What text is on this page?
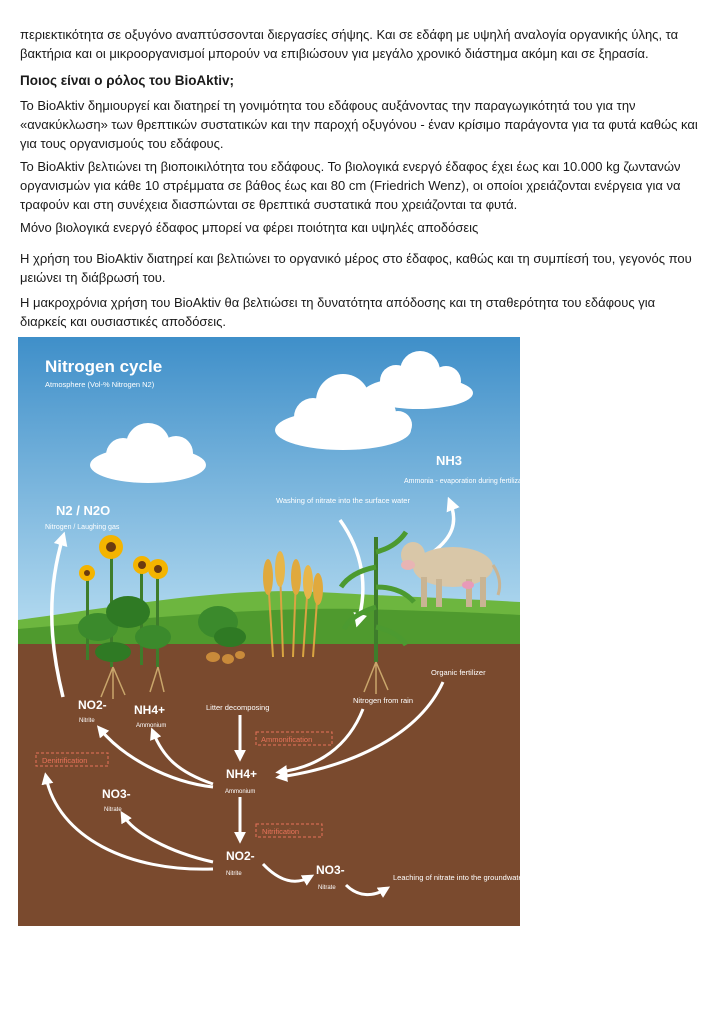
περιεκτικότητα σε οξυγόνο αναπτύσσονται διεργασίες σήψης. Και σε εδάφη με υψηλή αναλογία οργανικής ύλης, τα βακτήρια και οι μικροοργανισμοί μπορούν να επιβιώσουν για μεγάλο χρονικό διάστημα ακόμη και σε ξηρασία.

Ποιος είναι ο ρόλος του BioAktiv;

Το BioAktiv δημιουργεί και διατηρεί τη γονιμότητα του εδάφους αυξάνοντας την παραγωγικότητά του για την «ανακύκλωση» των θρεπτικών συστατικών και την παροχή οξυγόνου - έναν κρίσιμο παράγοντα για τα φυτά καθώς και για τους οργανισμούς του εδάφους.

Το BioAktiv βελτιώνει τη βιοποικιλότητα του εδάφους. Το βιολογικά ενεργό έδαφος έχει έως και 10.000 kg ζωντανών οργανισμών για κάθε 10 στρέμματα σε βάθος έως και 80 cm (Friedrich Wenz), οι οποίοι χρειάζονται ενέργεια για να τραφούν και στη συνέχεια διασπώνται σε θρεπτικά συστατικά που χρειάζονται τα φυτά.

Μόνο βιολογικά ενεργό έδαφος μπορεί να φέρει ποιότητα και υψηλές αποδόσεις

Η χρήση του BioAktiv διατηρεί και βελτιώνει το οργανικό μέρος στο έδαφος, καθώς και τη συμπίεσή του, γεγονός που μειώνει τη διάβρωσή του.

Η μακροχρόνια χρήση του BioAktiv θα βελτιώσει τη δυνατότητα απόδοσης και τη σταθερότητα του εδάφους για διαρκείς και ουσιαστικές αποδόσεις.

Nitrogen cycle
Atmosphere (Vol-% Nitrogen N2)
N2 / N2O
Nitrogen / Laughing gas
Washing of nitrate into the surface water
NH3
Ammonia - evaporation during fertilization
Organic fertilizer
Nitrogen from rain
Litter decomposing
NO2-
Nitrite
NH4+
Ammonium
Ammonification
Denitrification
NH4+
Ammonium
NO3-
Nitrate
Nitrification
NO2-
Nitrite	NO3-
Nitrate
Leaching of nitrate into the groundwater
